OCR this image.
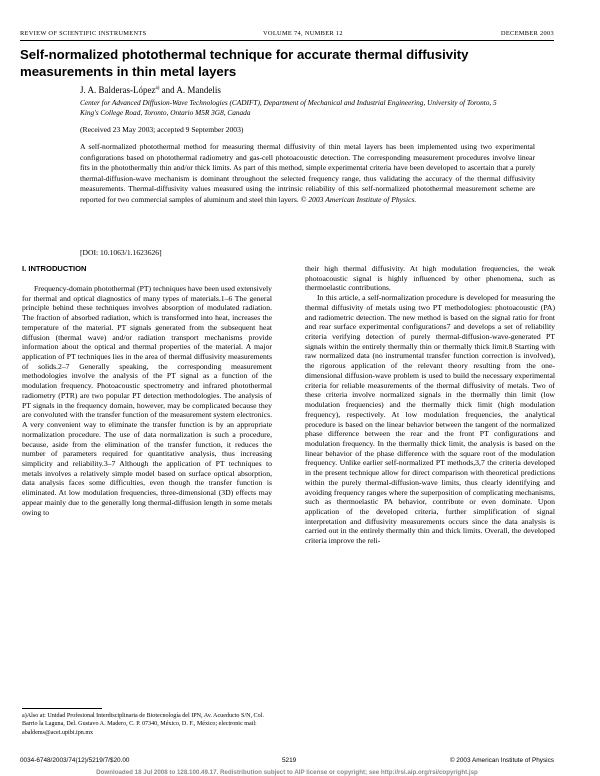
REVIEW OF SCIENTIFIC INSTRUMENTS	VOLUME 74, NUMBER 12	DECEMBER 2003
Self-normalized photothermal technique for accurate thermal diffusivity measurements in thin metal layers
J. A. Balderas-López$^{a)}$ and A. Mandelis
Center for Advanced Diffusion-Wave Technologies (CADIFT), Department of Mechanical and Industrial Engineering, University of Toronto, 5 King's College Road, Toronto, Ontario M5R 3G8, Canada
(Received 23 May 2003; accepted 9 September 2003)

A self-normalized photothermal method for measuring thermal diffusivity of thin metal layers has been implemented using two experimental configurations based on photothermal radiometry and gas-cell photoacoustic detection. The corresponding measurement procedures involve linear fits in the photothermally thin and/or thick limits. As part of this method, simple experimental criteria have been developed to ascertain that a purely thermal-diffusion-wave mechanism is dominant throughout the selected frequency range, thus validating the accuracy of the thermal diffusivity measurements. Thermal-diffusivity values measured using the intrinsic reliability of this self-normalized photothermal measurement scheme are reported for two commercial samples of aluminum and steel thin layers. © 2003 American Institute of Physics.

[DOI: 10.1063/1.1623626]
I. INTRODUCTION

Frequency-domain photothermal (PT) techniques have been used extensively for thermal and optical diagnostics of many types of materials.1–6 The general principle behind these techniques involves absorption of modulated radiation. The fraction of absorbed radiation, which is transformed into heat, increases the temperature of the material. PT signals generated from the subsequent heat diffusion (thermal wave) and/or radiation transport mechanisms provide information about the optical and thermal properties of the material. A major application of PT techniques lies in the area of thermal diffusivity measurements of solids.2–7 Generally speaking, the corresponding measurement methodologies involve the analysis of the PT signal as a function of the modulation frequency. Photoacoustic spectrometry and infrared photothermal radiometry (PTR) are two popular PT detection methodologies. The analysis of PT signals in the frequency domain, however, may be complicated because they are convoluted with the transfer function of the measurement system electronics. A very convenient way to eliminate the transfer function is by an appropriate normalization procedure. The use of data normalization is such a procedure, because, aside from the elimination of the transfer function, it reduces the number of parameters required for quantitative analysis, thus increasing simplicity and reliability.3–7 Although the application of PT techniques to metals involves a relatively simple model based on surface optical absorption, data analysis faces some difficulties, even though the transfer function is eliminated. At low modulation frequencies, three-dimensional (3D) effects may appear mainly due to the generally long thermal-diffusion length in some metals owing to

their high thermal diffusivity. At high modulation frequencies, the weak photoacoustic signal is highly influenced by other phenomena, such as thermoelastic contributions.

In this article, a self-normalization procedure is developed for measuring the thermal diffusivity of metals using two PT methodologies: photoacoustic (PA) and radiometric detection. The new method is based on the signal ratio for front and rear surface experimental configurations7 and develops a set of reliability criteria verifying detection of purely thermal-diffusion-wave-generated PT signals within the entirely thermally thin or thermally thick limit.8 Starting with raw normalized data (no instrumental transfer function correction is involved), the rigorous application of the relevant theory resulting from the one-dimensional diffusion-wave problem is used to build the necessary experimental criteria for reliable measurements of the thermal diffusivity of metals. Two of these criteria involve normalized signals in the thermally thin limit (low modulation frequencies) and the thermally thick limit (high modulation frequency), respectively. At low modulation frequencies, the analytical procedure is based on the linear behavior between the tangent of the normalized phase difference between the rear and the front PT configurations and modulation frequency. In the thermally thick limit, the analysis is based on the linear behavior of the phase difference with the square root of the modulation frequency. Unlike earlier self-normalized PT methods,3,7 the criteria developed in the present technique allow for direct comparison with theoretical predictions within the purely thermal-diffusion-wave limits, thus clearly identifying and avoiding frequency ranges where the superposition of complicating mechanisms, such as thermoelastic PA behavior, contribute or even dominate. Upon application of the developed criteria, further simplification of signal interpretation and diffusivity measurements occurs since the data analysis is carried out in the entirely thermally thin and thick limits. Overall, the developed criteria improve the reli-

a)Also at: Unidad Profesional Interdisciplinaria de Biotecnología del IPN, Av. Acueducto S/N, Col. Barrio la Laguna, Del. Gustavo A. Madero, C. P. 07340, México, D. F., México; electronic mail: abaldems@acei.upibi.ipn.mx
0034-6748/2003/74(12)/5219/7/$20.00	5219	© 2003 American Institute of Physics
Downloaded 18 Jul 2008 to 128.100.49.17. Redistribution subject to AIP license or copyright; see http://rsi.aip.org/rsi/copyright.jsp
